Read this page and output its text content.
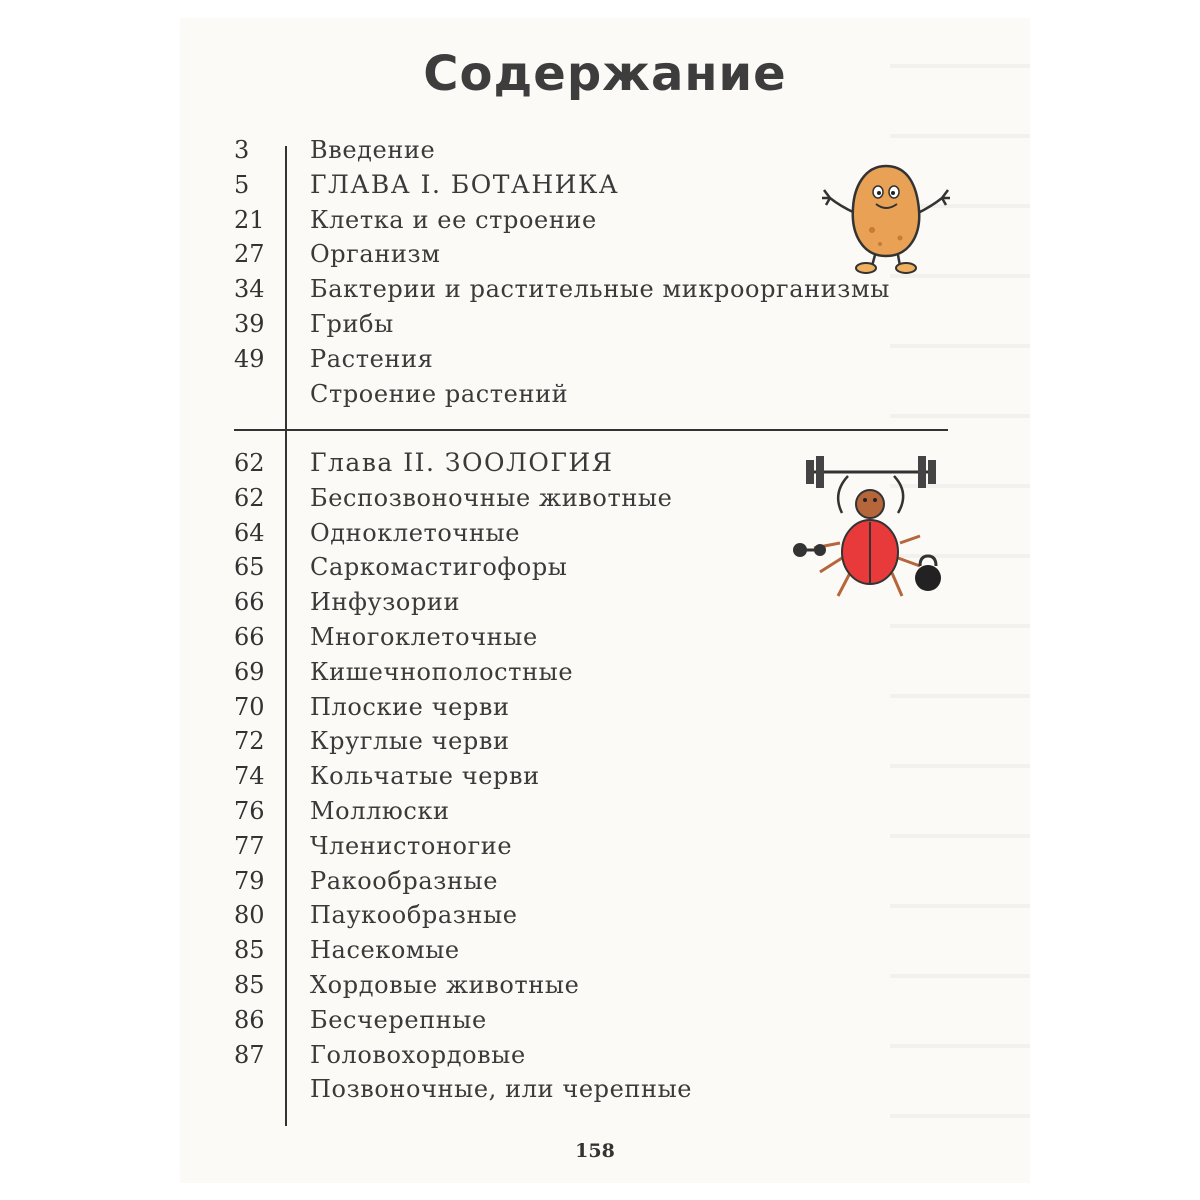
Содержание
3	Введение
5	ГЛАВА I. БОТАНИКА
21	Клетка и ее строение
27	Организм
34	Бактерии и растительные микроорганизмы
39	Грибы
49	Растения
Строение растений
62	Глава II. ЗООЛОГИЯ
62	Беспозвоночные животные
64	Одноклеточные
65	Саркомастигофоры
66	Инфузории
66	Многоклеточные
69	Кишечнополостные
70	Плоские черви
72	Круглые черви
74	Кольчатые черви
76	Моллюски
77	Членистоногие
79	Ракообразные
80	Паукообразные
85	Насекомые
85	Хордовые животные
86	Бесчерепные
87	Головохордовые
Позвоночные, или черепные
158
